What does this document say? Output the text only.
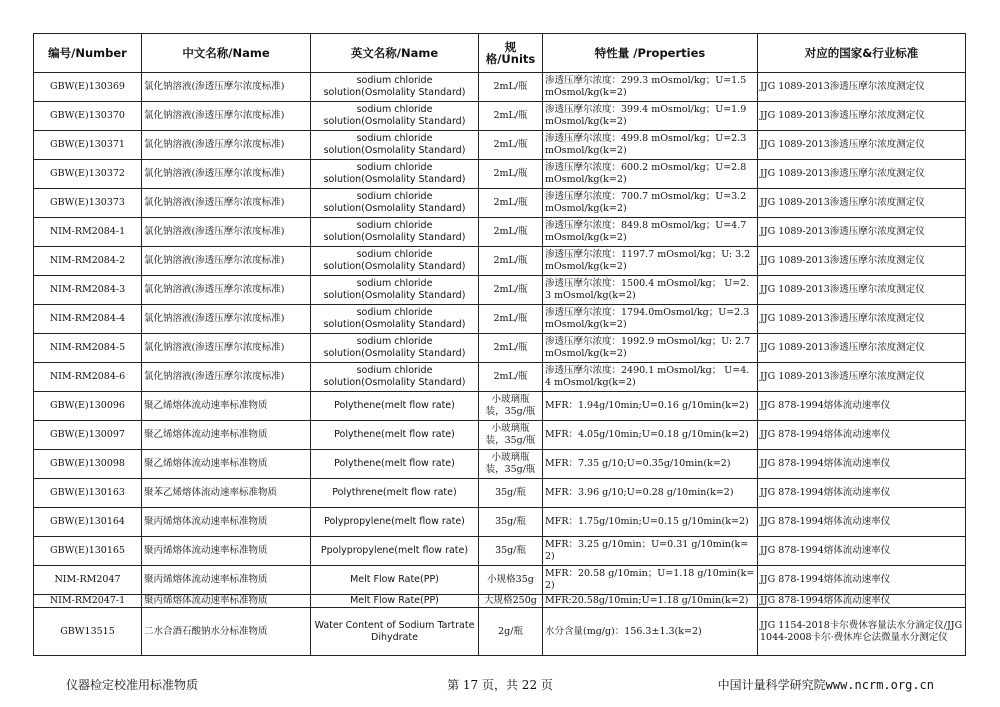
编号/Number	中文名称/Name	英文名称/Name	规格/Units	特性量 /Properties	对应的国家&行业标准
GBW(E)130369	氯化钠溶液(渗透压摩尔浓度标准)	sodium chloride solution(Osmolality Standard)	2mL/瓶	渗透压摩尔浓度：299.3 mOsmol/kg；U=1.5 mOsmol/kg(k=2)	JJG 1089-2013渗透压摩尔浓度测定仪
GBW(E)130370	氯化钠溶液(渗透压摩尔浓度标准)	sodium chloride solution(Osmolality Standard)	2mL/瓶	渗透压摩尔浓度：399.4 mOsmol/kg；U=1.9 mOsmol/kg(k=2)	JJG 1089-2013渗透压摩尔浓度测定仪
GBW(E)130371	氯化钠溶液(渗透压摩尔浓度标准)	sodium chloride solution(Osmolality Standard)	2mL/瓶	渗透压摩尔浓度：499.8 mOsmol/kg；U=2.3 mOsmol/kg(k=2)	JJG 1089-2013渗透压摩尔浓度测定仪
GBW(E)130372	氯化钠溶液(渗透压摩尔浓度标准)	sodium chloride solution(Osmolality Standard)	2mL/瓶	渗透压摩尔浓度：600.2 mOsmol/kg；U=2.8 mOsmol/kg(k=2)	JJG 1089-2013渗透压摩尔浓度测定仪
GBW(E)130373	氯化钠溶液(渗透压摩尔浓度标准)	sodium chloride solution(Osmolality Standard)	2mL/瓶	渗透压摩尔浓度：700.7 mOsmol/kg；U=3.2 mOsmol/kg(k=2)	JJG 1089-2013渗透压摩尔浓度测定仪
NIM-RM2084-1	氯化钠溶液(渗透压摩尔浓度标准)	sodium chloride solution(Osmolality Standard)	2mL/瓶	渗透压摩尔浓度：849.8 mOsmol/kg；U=4.7 mOsmol/kg(k=2)	JJG 1089-2013渗透压摩尔浓度测定仪
NIM-RM2084-2	氯化钠溶液(渗透压摩尔浓度标准)	sodium chloride solution(Osmolality Standard)	2mL/瓶	渗透压摩尔浓度：1197.7 mOsmol/kg；U: 3.2 mOsmol/kg(k=2)	JJG 1089-2013渗透压摩尔浓度测定仪
NIM-RM2084-3	氯化钠溶液(渗透压摩尔浓度标准)	sodium chloride solution(Osmolality Standard)	2mL/瓶	渗透压摩尔浓度：1500.4 mOsmol/kg； U=2.3 mOsmol/kg(k=2)	JJG 1089-2013渗透压摩尔浓度测定仪
NIM-RM2084-4	氯化钠溶液(渗透压摩尔浓度标准)	sodium chloride solution(Osmolality Standard)	2mL/瓶	渗透压摩尔浓度：1794.0mOsmol/kg；U=2.3 mOsmol/kg(k=2)	JJG 1089-2013渗透压摩尔浓度测定仪
NIM-RM2084-5	氯化钠溶液(渗透压摩尔浓度标准)	sodium chloride solution(Osmolality Standard)	2mL/瓶	渗透压摩尔浓度：1992.9 mOsmol/kg；U: 2.7 mOsmol/kg(k=2)	JJG 1089-2013渗透压摩尔浓度测定仪
NIM-RM2084-6	氯化钠溶液(渗透压摩尔浓度标准)	sodium chloride solution(Osmolality Standard)	2mL/瓶	渗透压摩尔浓度：2490.1 mOsmol/kg； U=4.4 mOsmol/kg(k=2)	JJG 1089-2013渗透压摩尔浓度测定仪
GBW(E)130096	聚乙烯熔体流动速率标准物质	Polythene(melt flow rate)	小玻璃瓶 装，35g/瓶	MFR：1.94g/10min;U=0.16 g/10min(k=2)	JJG 878-1994熔体流动速率仪
GBW(E)130097	聚乙烯熔体流动速率标准物质	Polythene(melt flow rate)	小玻璃瓶 装，35g/瓶	MFR：4.05g/10min;U=0.18 g/10min(k=2)	JJG 878-1994熔体流动速率仪
GBW(E)130098	聚乙烯熔体流动速率标准物质	Polythene(melt flow rate)	小玻璃瓶 装，35g/瓶	MFR：7.35 g/10;U=0.35g/10min(k=2)	JJG 878-1994熔体流动速率仪
GBW(E)130163	聚苯乙烯熔体流动速率标准物质	Polythrene(melt flow rate)	35g/瓶	MFR：3.96 g/10;U=0.28 g/10min(k=2)	JJG 878-1994熔体流动速率仪
GBW(E)130164	聚丙烯熔体流动速率标准物质	Polypropylene(melt flow rate)	35g/瓶	MFR：1.75g/10min;U=0.15 g/10min(k=2)	JJG 878-1994熔体流动速率仪
GBW(E)130165	聚丙烯熔体流动速率标准物质	Ppolypropylene(melt flow rate)	35g/瓶	MFR：3.25 g/10min；U=0.31 g/10min(k=2)	JJG 878-1994熔体流动速率仪
NIM-RM2047	聚丙烯熔体流动速率标准物质	Melt Flow Rate(PP)	小规格35g	MFR：20.58 g/10min；U=1.18 g/10min(k=2)	JJG 878-1994熔体流动速率仪
NIM-RM2047-1	聚丙烯熔体流动速率标准物质	Melt Flow Rate(PP)	大规格250g	MFR:20.58g/10min;U=1.18 g/10min(k=2)	JJG 878-1994熔体流动速率仪
GBW13515	二水合酒石酸钠水分标准物质	Water Content of Sodium Tartrate Dihydrate	2g/瓶	水分含量(mg/g)：156.3±1.3(k=2)	JJG 1154-2018卡尔费休容量法水分滴定仪/JJG 1044-2008卡尔·费休库仑法微量水分测定仪
仪器检定校准用标准物质	第 17 页，共 22 页	中国计量科学研究院www.ncrm.org.cn
